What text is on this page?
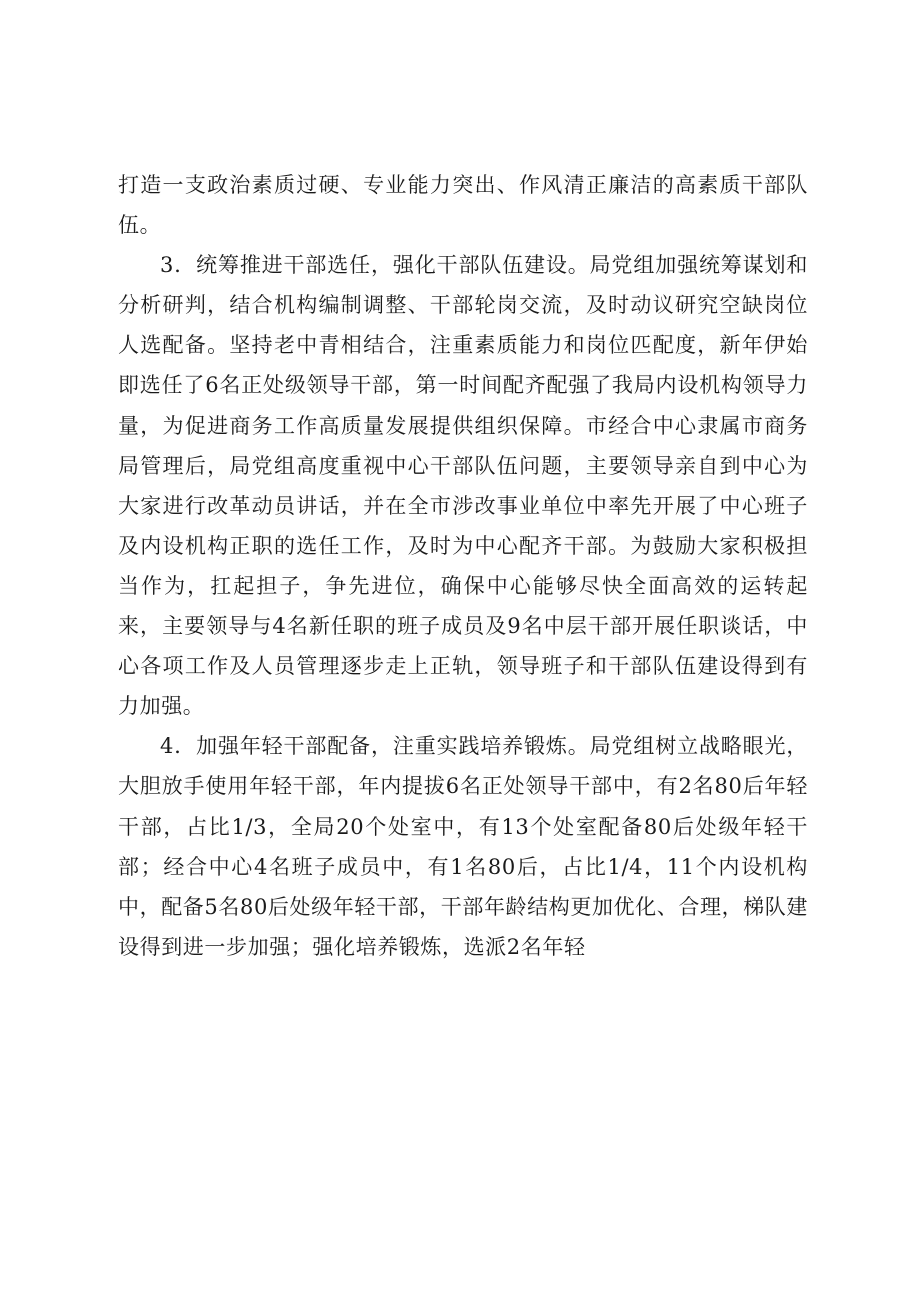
打造一支政治素质过硬、专业能力突出、作风清正廉洁的高素质干部队伍。

3．统筹推进干部选任，强化干部队伍建设。局党组加强统筹谋划和分析研判，结合机构编制调整、干部轮岗交流，及时动议研究空缺岗位人选配备。坚持老中青相结合，注重素质能力和岗位匹配度，新年伊始即选任了6名正处级领导干部，第一时间配齐配强了我局内设机构领导力量，为促进商务工作高质量发展提供组织保障。市经合中心隶属市商务局管理后，局党组高度重视中心干部队伍问题，主要领导亲自到中心为大家进行改革动员讲话，并在全市涉改事业单位中率先开展了中心班子及内设机构正职的选任工作，及时为中心配齐干部。为鼓励大家积极担当作为，扛起担子，争先进位，确保中心能够尽快全面高效的运转起来，主要领导与4名新任职的班子成员及9名中层干部开展任职谈话，中心各项工作及人员管理逐步走上正轨，领导班子和干部队伍建设得到有力加强。

4．加强年轻干部配备，注重实践培养锻炼。局党组树立战略眼光，大胆放手使用年轻干部，年内提拔6名正处领导干部中，有2名80后年轻干部，占比1/3，全局20个处室中，有13个处室配备80后处级年轻干部；经合中心4名班子成员中，有1名80后，占比1/4，11个内设机构中，配备5名80后处级年轻干部，干部年龄结构更加优化、合理，梯队建设得到进一步加强；强化培养锻炼，选派2名年轻
